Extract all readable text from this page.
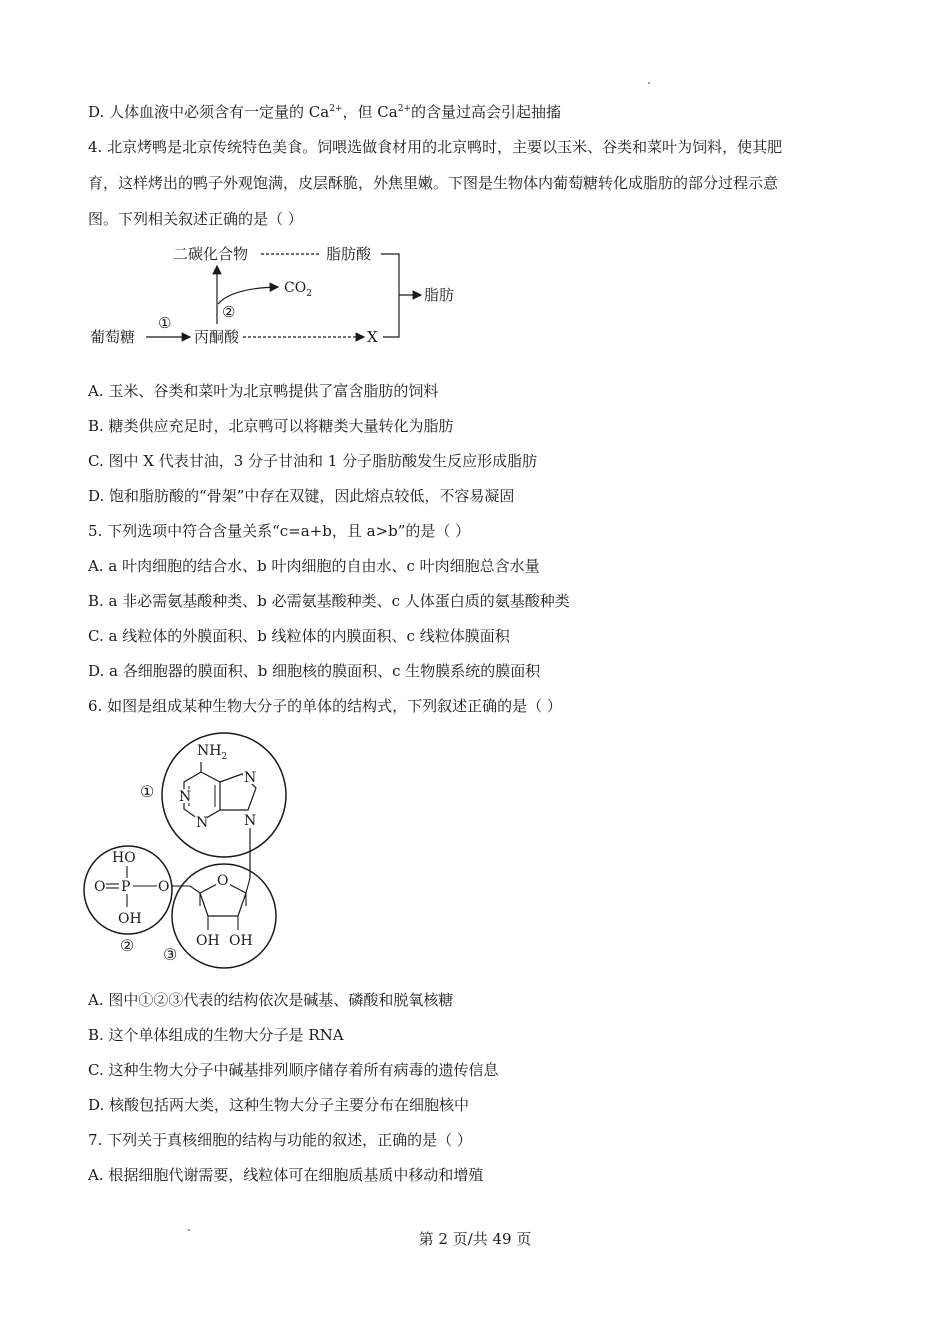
D. 人体血液中必须含有一定量的 $Ca^{2+}$，但 $Ca^{2+}$的含量过高会引起抽搐
4. 北京烤鸭是北京传统特色美食。饲喂选做食材用的北京鸭时，主要以玉米、谷类和菜叶为饲料，使其肥
育，这样烤出的鸭子外观饱满，皮层酥脆，外焦里嫩。下图是生物体内葡萄糖转化成脂肪的部分过程示意
图。下列相关叙述正确的是（ ）
葡萄糖
①
丙酮酸	X
②
$CO_2$
二碳化合物	脂肪酸
脂肪
A. 玉米、谷类和菜叶为北京鸭提供了富含脂肪的饲料
B. 糖类供应充足时，北京鸭可以将糖类大量转化为脂肪
C. 图中 X 代表甘油，3 分子甘油和 1 分子脂肪酸发生反应形成脂肪
D. 饱和脂肪酸的“骨架”中存在双键，因此熔点较低，不容易凝固
5. 下列选项中符合含量关系“c=a+b，且 a>b”的是（ ）
A. a 叶肉细胞的结合水、b 叶肉细胞的自由水、c 叶肉细胞总含水量
B. a 非必需氨基酸种类、b 必需氨基酸种类、c 人体蛋白质的氨基酸种类
C. a 线粒体的外膜面积、b 线粒体的内膜面积、c 线粒体膜面积
D. a 各细胞器的膜面积、b 细胞核的膜面积、c 生物膜系统的膜面积
6. 如图是组成某种生物大分子的单体的结构式，下列叙述正确的是（ ）
①
$NH_2$
N
N
N
N
HO
O P O
OH
②
O
OH OH
③
A. 图中①②③代表的结构依次是碱基、磷酸和脱氧核糖
B. 这个单体组成的生物大分子是 RNA
C. 这种生物大分子中碱基排列顺序储存着所有病毒的遗传信息
D. 核酸包括两大类，这种生物大分子主要分布在细胞核中
7. 下列关于真核细胞的结构与功能的叙述，正确的是（ ）
A. 根据细胞代谢需要，线粒体可在细胞质基质中移动和增殖
第 2 页/共 49 页
